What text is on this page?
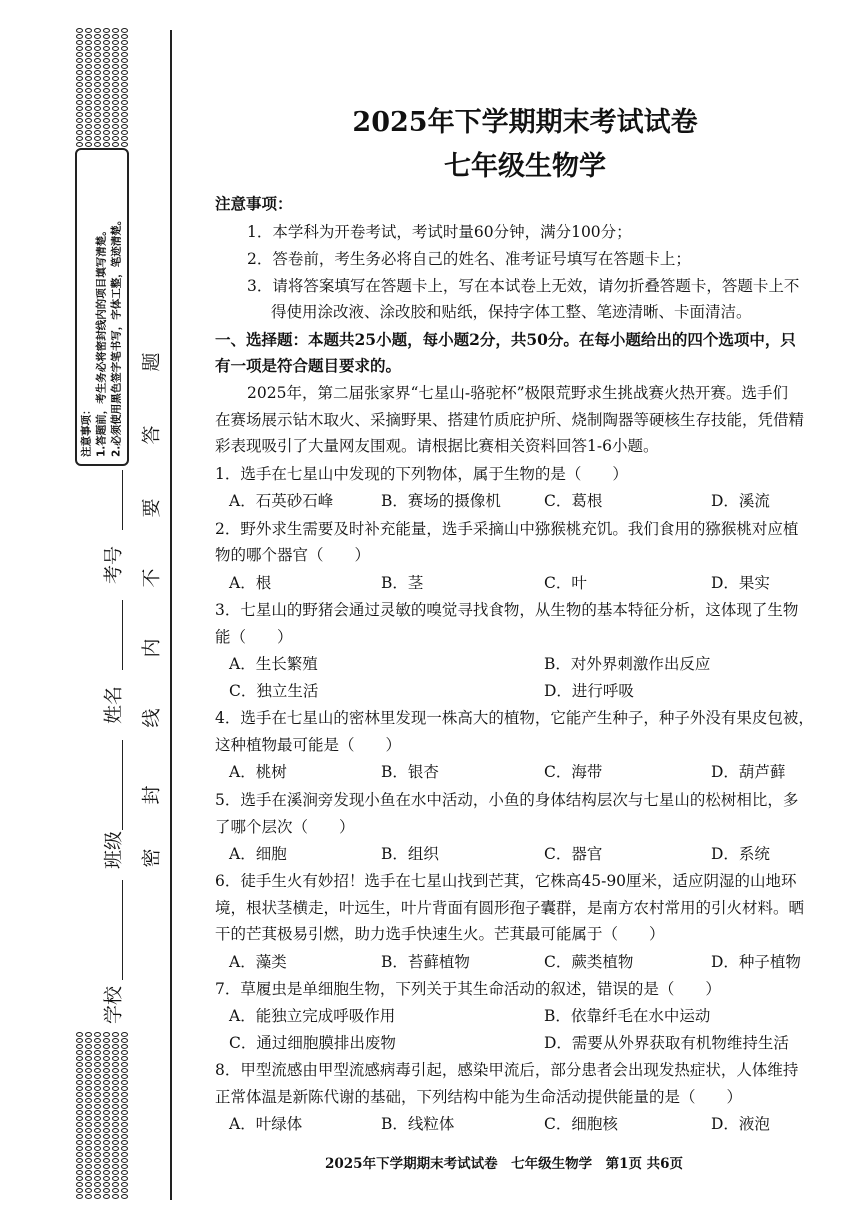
注意事项： 1.答题前，考生务必将密封线内的项目填写清楚。 2.必须使用黑色签字笔书写，字体工整，笔迹清楚。
考号
姓名
班级
学校
密
封
线
内
不
要
答
题
2025年下学期期末考试试卷
七年级生物学
注意事项：
1．本学科为开卷考试，考试时量60分钟，满分100分；
2．答卷前，考生务必将自己的姓名、准考证号填写在答题卡上；
3．请将答案填写在答题卡上，写在本试卷上无效，请勿折叠答题卡，答题卡上不
得使用涂改液、涂改胶和贴纸，保持字体工整、笔迹清晰、卡面清洁。
一、选择题：本题共25小题，每小题2分，共50分。在每小题给出的四个选项中，只
有一项是符合题目要求的。
2025年，第二届张家界“七星山-骆驼杯”极限荒野求生挑战赛火热开赛。选手们
在赛场展示钻木取火、采摘野果、搭建竹质庇护所、烧制陶器等硬核生存技能，凭借精
彩表现吸引了大量网友围观。请根据比赛相关资料回答1-6小题。
1．选手在七星山中发现的下列物体，属于生物的是（　　）
A．石英砂石峰	B．赛场的摄像机	C．葛根	D．溪流
2．野外求生需要及时补充能量，选手采摘山中猕猴桃充饥。我们食用的猕猴桃对应植
物的哪个器官（　　）
A．根	B．茎	C．叶	D．果实
3．七星山的野猪会通过灵敏的嗅觉寻找食物，从生物的基本特征分析，这体现了生物
能（　　）
A．生长繁殖	B．对外界刺激作出反应
C．独立生活	D．进行呼吸
4．选手在七星山的密林里发现一株高大的植物，它能产生种子，种子外没有果皮包被，
这种植物最可能是（　　）
A．桃树	B．银杏	C．海带	D．葫芦藓
5．选手在溪涧旁发现小鱼在水中活动，小鱼的身体结构层次与七星山的松树相比，多
了哪个层次（　　）
A．细胞	B．组织	C．器官	D．系统
6．徒手生火有妙招！选手在七星山找到芒萁，它株高45-90厘米，适应阴湿的山地环
境，根状茎横走，叶远生，叶片背面有圆形孢子囊群，是南方农村常用的引火材料。晒
干的芒萁极易引燃，助力选手快速生火。芒萁最可能属于（　　）
A．藻类	B．苔藓植物	C．蕨类植物	D．种子植物
7．草履虫是单细胞生物，下列关于其生命活动的叙述，错误的是（　　）
A．能独立完成呼吸作用	B．依靠纤毛在水中运动
C．通过细胞膜排出废物	D．需要从外界获取有机物维持生活
8．甲型流感由甲型流感病毒引起，感染甲流后，部分患者会出现发热症状，人体维持
正常体温是新陈代谢的基础，下列结构中能为生命活动提供能量的是（　　）
A．叶绿体	B．线粒体	C．细胞核	D．液泡
2025年下学期期末考试试卷　七年级生物学　第1页 共6页
